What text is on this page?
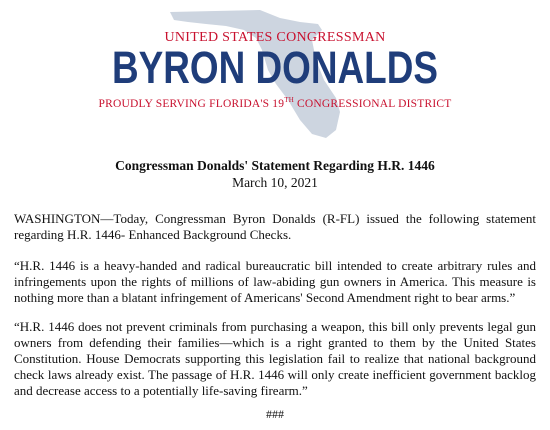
UNITED STATES CONGRESSMAN
BYRON DONALDS
PROUDLY SERVING FLORIDA'S 19TH CONGRESSIONAL DISTRICT
Congressman Donalds' Statement Regarding H.R. 1446
March 10, 2021

WASHINGTON—Today, Congressman Byron Donalds (R-FL) issued the following statement regarding H.R. 1446- Enhanced Background Checks.

“H.R. 1446 is a heavy-handed and radical bureaucratic bill intended to create arbitrary rules and infringements upon the rights of millions of law-abiding gun owners in America. This measure is nothing more than a blatant infringement of Americans' Second Amendment right to bear arms.”

“H.R. 1446 does not prevent criminals from purchasing a weapon, this bill only prevents legal gun owners from defending their families—which is a right granted to them by the United States Constitution. House Democrats supporting this legislation fail to realize that national background check laws already exist. The passage of H.R. 1446 will only create inefficient government backlog and decrease access to a potentially life-saving firearm.”

###
